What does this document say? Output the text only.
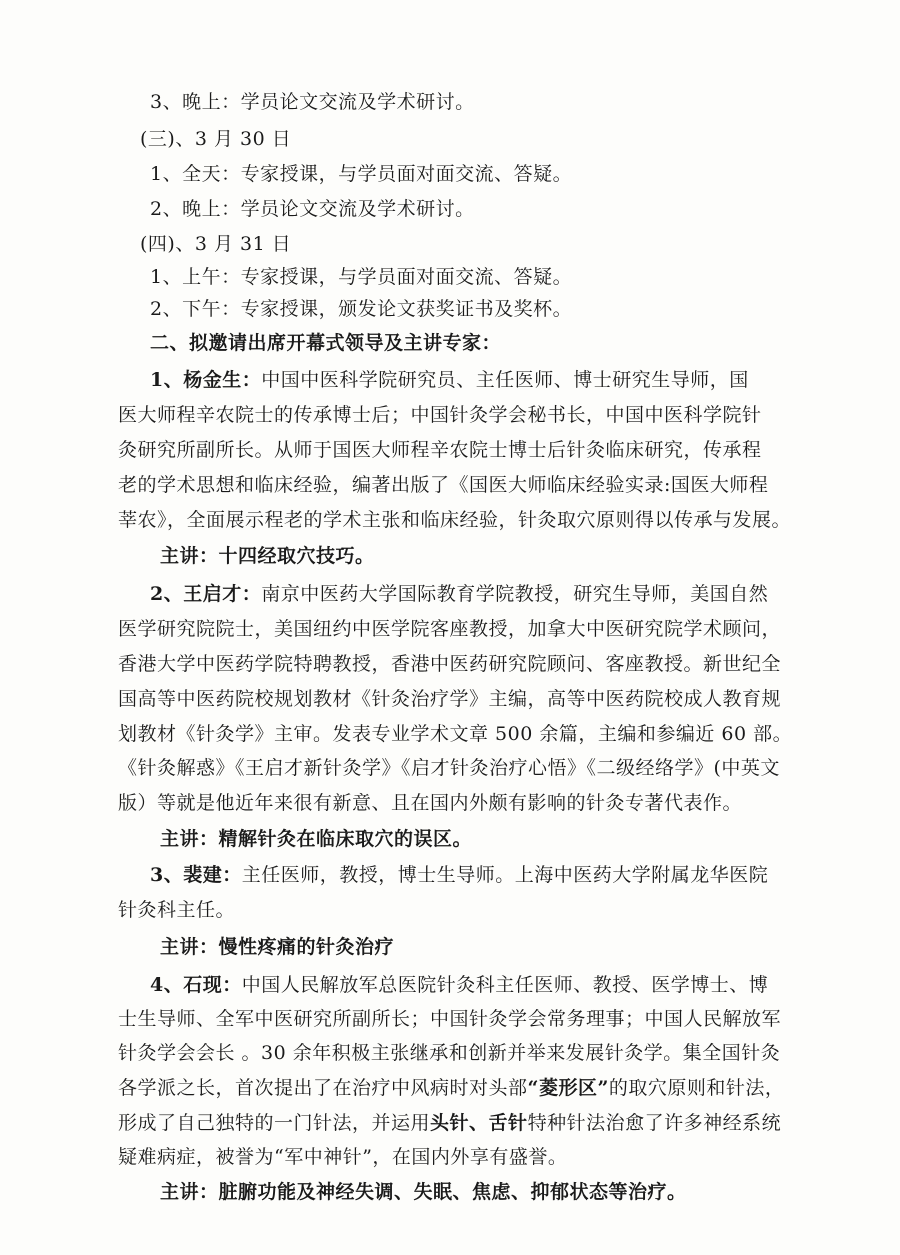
3、晚上：学员论文交流及学术研讨。
(三)、3 月 30 日
1、全天：专家授课，与学员面对面交流、答疑。
2、晚上：学员论文交流及学术研讨。
(四)、3 月 31 日
1、上午：专家授课，与学员面对面交流、答疑。
2、下午：专家授课，颁发论文获奖证书及奖杯。
二、拟邀请出席开幕式领导及主讲专家：
1、杨金生：中国中医科学院研究员、主任医师、博士研究生导师，国
医大师程辛农院士的传承博士后；中国针灸学会秘书长，中国中医科学院针
灸研究所副所长。从师于国医大师程辛农院士博士后针灸临床研究，传承程
老的学术思想和临床经验，编著出版了《国医大师临床经验实录:国医大师程
莘农》，全面展示程老的学术主张和临床经验，针灸取穴原则得以传承与发展。
主讲：十四经取穴技巧。
2、王启才：南京中医药大学国际教育学院教授，研究生导师，美国自然
医学研究院院士，美国纽约中医学院客座教授，加拿大中医研究院学术顾问，
香港大学中医药学院特聘教授，香港中医药研究院顾问、客座教授。新世纪全
国高等中医药院校规划教材《针灸治疗学》主编，高等中医药院校成人教育规
划教材《针灸学》主审。发表专业学术文章 500 余篇，主编和参编近 60 部。
《针灸解惑》《王启才新针灸学》《启才针灸治疗心悟》《二级经络学》(中英文
版）等就是他近年来很有新意、且在国内外颇有影响的针灸专著代表作。
主讲：精解针灸在临床取穴的误区。
3、裴建：主任医师，教授，博士生导师。上海中医药大学附属龙华医院
针灸科主任。
主讲：慢性疼痛的针灸治疗
4、石现：中国人民解放军总医院针灸科主任医师、教授、医学博士、博
士生导师、全军中医研究所副所长；中国针灸学会常务理事；中国人民解放军
针灸学会会长 。30 余年积极主张继承和创新并举来发展针灸学。集全国针灸
各学派之长，首次提出了在治疗中风病时对头部“菱形区”的取穴原则和针法，
形成了自己独特的一门针法，并运用头针、舌针特种针法治愈了许多神经系统
疑难病症，被誉为“军中神针”，在国内外享有盛誉。
主讲：脏腑功能及神经失调、失眠、焦虑、抑郁状态等治疗。
